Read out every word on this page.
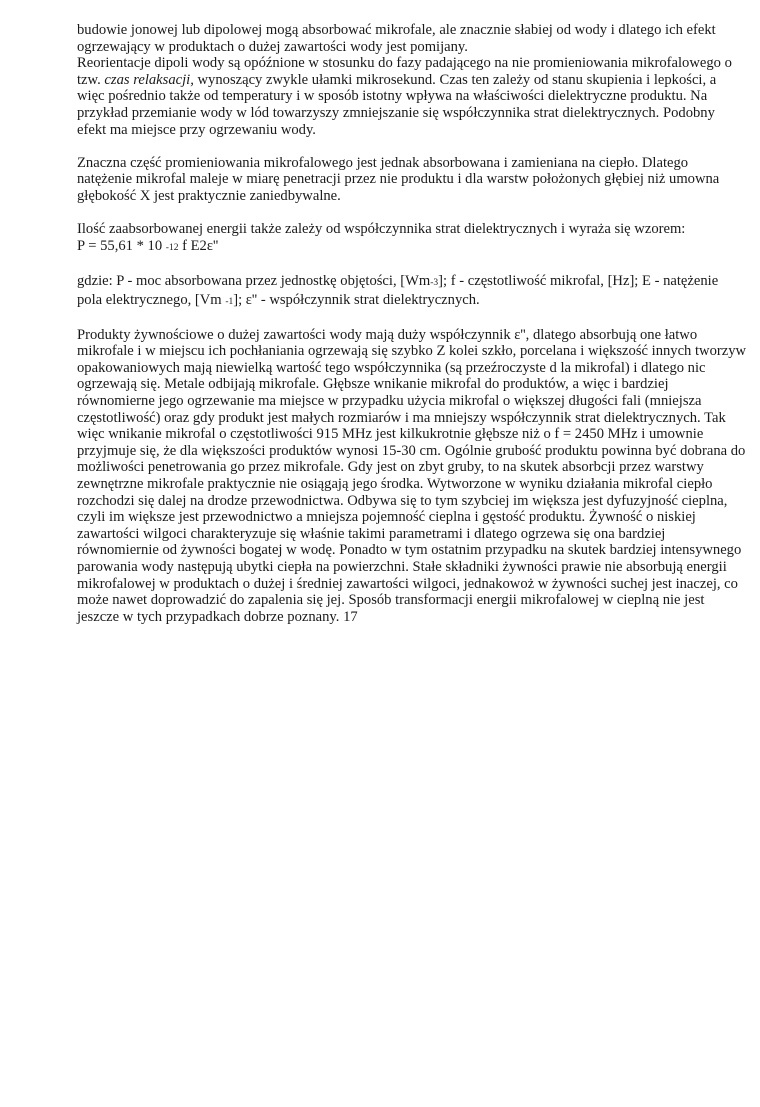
budowie jonowej lub dipolowej mogą absorbować mikrofale, ale znacznie słabiej od wody i dlatego ich efekt
ogrzewający w produktach o dużej zawartości wody jest pomijany.
Reorientacje dipoli wody są opóźnione w stosunku do fazy padającego na nie promieniowania mikrofalowego o
tzw. czas relaksacji, wynoszący zwykle ułamki mikrosekund. Czas ten zależy od stanu skupienia i lepkości, a
więc pośrednio także od temperatury i w sposób istotny wpływa na właściwości dielektryczne produktu. Na
przykład przemianie wody w lód towarzyszy zmniejszanie się współczynnika strat dielektrycznych. Podobny
efekt ma miejsce przy ogrzewaniu wody.
Znaczna część promieniowania mikrofalowego jest jednak absorbowana i zamieniana na ciepło. Dlatego
natężenie mikrofal maleje w miarę penetracji przez nie produktu i dla warstw położonych głębiej niż umowna
głębokość X jest praktycznie zaniedbywalne.
Ilość zaabsorbowanej energii także zależy od współczynnika strat dielektrycznych i wyraża się wzorem:
P = 55,61 * 10 -12 f E2ε''
gdzie: P - moc absorbowana przez jednostkę objętości, [Wm-3]; f - częstotliwość mikrofal, [Hz]; E - natężenie
pola elektrycznego, [Vm -1]; ε'' - współczynnik strat dielektrycznych.
Produkty żywnościowe o dużej zawartości wody mają duży współczynnik ε'', dlatego absorbują one łatwo
mikrofale i w miejscu ich pochłaniania ogrzewają się szybko Z kolei szkło, porcelana i większość innych tworzyw
opakowaniowych mają niewielką wartość tego współczynnika (są przeźroczyste d la mikrofal) i dlatego nic
ogrzewają się. Metale odbijają mikrofale. Głębsze wnikanie mikrofal do produktów, a więc i bardziej
równomierne jego ogrzewanie ma miejsce w przypadku użycia mikrofal o większej długości fali (mniejsza
częstotliwość) oraz gdy produkt jest małych rozmiarów i ma mniejszy współczynnik strat dielektrycznych. Tak
więc wnikanie mikrofal o częstotliwości 915 MHz jest kilkukrotnie głębsze niż o f = 2450 MHz i umownie
przyjmuje się, że dla większości produktów wynosi 15-30 cm. Ogólnie grubość produktu powinna być dobrana do
możliwości penetrowania go przez mikrofale. Gdy jest on zbyt gruby, to na skutek absorbcji przez warstwy
zewnętrzne mikrofale praktycznie nie osiągają jego środka. Wytworzone w wyniku działania mikrofal ciepło
rozchodzi się dalej na drodze przewodnictwa. Odbywa się to tym szybciej im większa jest dyfuzyjność cieplna,
czyli im większe jest przewodnictwo a mniejsza pojemność cieplna i gęstość produktu. Żywność o niskiej
zawartości wilgoci charakteryzuje się właśnie takimi parametrami i dlatego ogrzewa się ona bardziej
równomiernie od żywności bogatej w wodę. Ponadto w tym ostatnim przypadku na skutek bardziej intensywnego
parowania wody następują ubytki ciepła na powierzchni. Stałe składniki żywności prawie nie absorbują energii
mikrofalowej w produktach o dużej i średniej zawartości wilgoci, jednakowoż w żywności suchej jest inaczej, co
może nawet doprowadzić do zapalenia się jej. Sposób transformacji energii mikrofalowej w cieplną nie jest
jeszcze w tych przypadkach dobrze poznany. 17
